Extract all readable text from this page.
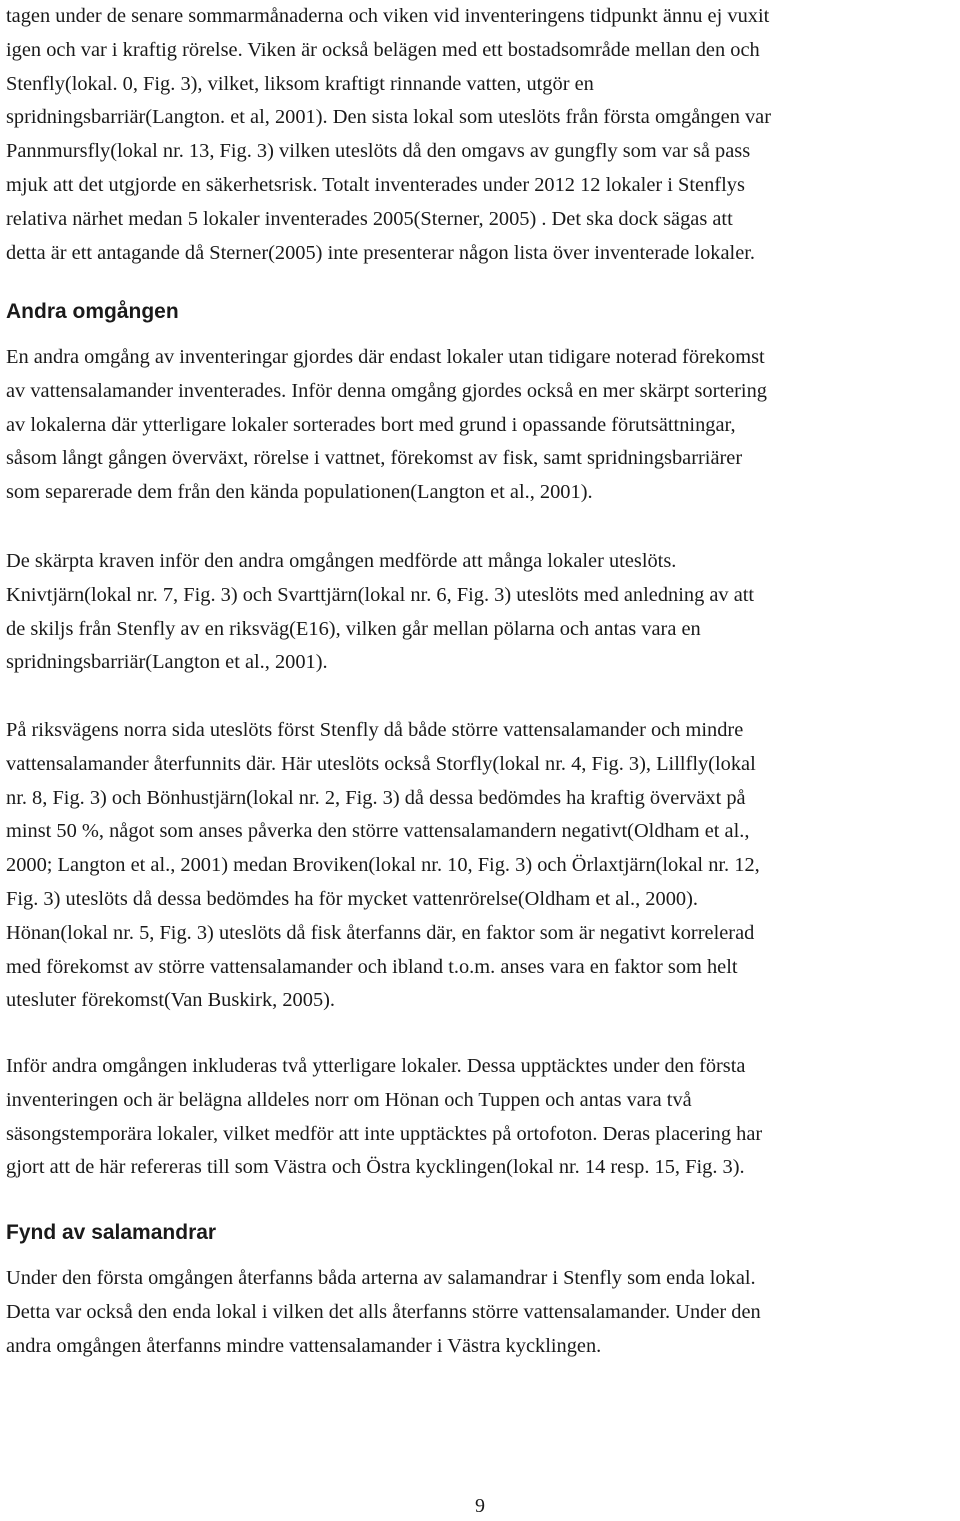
tagen under de senare sommarmånaderna och viken vid inventeringens tidpunkt ännu ej vuxit
igen och var i kraftig rörelse. Viken är också belägen med ett bostadsområde mellan den och
Stenfly(lokal. 0, Fig. 3), vilket, liksom kraftigt rinnande vatten, utgör en
spridningsbarriär(Langton. et al, 2001). Den sista lokal som uteslöts från första omgången var
Pannmursfly(lokal nr. 13, Fig. 3) vilken uteslöts då den omgavs av gungfly som var så pass
mjuk att det utgjorde en säkerhetsrisk. Totalt inventerades under 2012 12 lokaler i Stenflys
relativa närhet medan 5 lokaler inventerades 2005(Sterner, 2005) . Det ska dock sägas att
detta är ett antagande då Sterner(2005) inte presenterar någon lista över inventerade lokaler.
Andra omgången
En andra omgång av inventeringar gjordes där endast lokaler utan tidigare noterad förekomst
av vattensalamander inventerades. Inför denna omgång gjordes också en mer skärpt sortering
av lokalerna där ytterligare lokaler sorterades bort med grund i opassande förutsättningar,
såsom långt gången överväxt, rörelse i vattnet, förekomst av fisk, samt spridningsbarriärer
som separerade dem från den kända populationen(Langton et al., 2001).
De skärpta kraven inför den andra omgången medförde att många lokaler uteslöts.
Knivtjärn(lokal nr. 7, Fig. 3) och Svarttjärn(lokal nr. 6, Fig. 3) uteslöts med anledning av att
de skiljs från Stenfly av en riksväg(E16), vilken går mellan pölarna och antas vara en
spridningsbarriär(Langton et al., 2001).
På riksvägens norra sida uteslöts först Stenfly då både större vattensalamander och mindre
vattensalamander återfunnits där. Här uteslöts också Storfly(lokal nr. 4, Fig. 3), Lillfly(lokal
nr. 8, Fig. 3) och Bönhustjärn(lokal nr. 2, Fig. 3) då dessa bedömdes ha kraftig överväxt på
minst 50 %, något som anses påverka den större vattensalamandern negativt(Oldham et al.,
2000; Langton et al., 2001) medan Broviken(lokal nr. 10, Fig. 3) och Örlaxtjärn(lokal nr. 12,
Fig. 3) uteslöts då dessa bedömdes ha för mycket vattenrörelse(Oldham et al., 2000).
Hönan(lokal nr. 5, Fig. 3) uteslöts då fisk återfanns där, en faktor som är negativt korrelerad
med förekomst av större vattensalamander och ibland t.o.m. anses vara en faktor som helt
utesluter förekomst(Van Buskirk, 2005).
Inför andra omgången inkluderas två ytterligare lokaler. Dessa upptäcktes under den första
inventeringen och är belägna alldeles norr om Hönan och Tuppen och antas vara två
säsongstemporära lokaler, vilket medför att inte upptäcktes på ortofoton. Deras placering har
gjort att de här refereras till som Västra och Östra kycklingen(lokal nr. 14 resp. 15, Fig. 3).
Fynd av salamandrar
Under den första omgången återfanns båda arterna av salamandrar i Stenfly som enda lokal.
Detta var också den enda lokal i vilken det alls återfanns större vattensalamander. Under den
andra omgången återfanns mindre vattensalamander i Västra kycklingen.

9
